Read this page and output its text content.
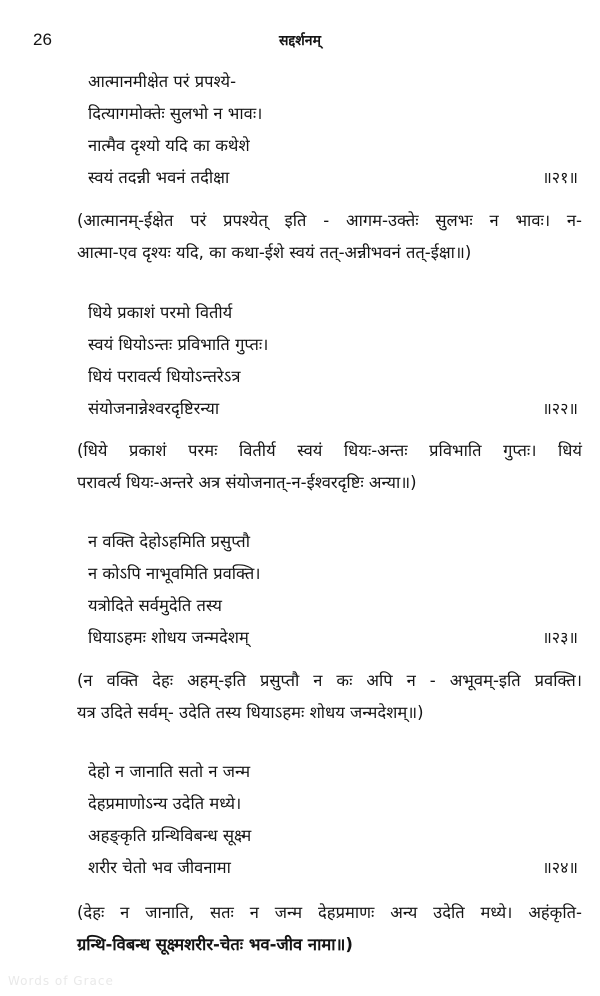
26	सद्दर्शनम्
आत्मानमीक्षेत परं प्रपश्ये-
दित्यागमोक्तेः सुलभो न भावः।
नात्मैव दृश्यो यदि का कथेशे
स्वयं तदन्नी भवनं तदीक्षा	॥२१॥
(आत्मानम्-ईक्षेत परं प्रपश्येत् इति - आगम-उक्तेः सुलभः न भावः। न-
आत्मा-एव दृश्यः यदि, का कथा-ईशे स्वयं तत्-अन्नीभवनं तत्-ईक्षा॥)
धिये प्रकाशं परमो वितीर्य
स्वयं धियोऽन्तः प्रविभाति गुप्तः।
धियं परावर्त्य धियोऽन्तरेऽत्र
संयोजनान्नेश्वरदृष्टिरन्या	॥२२॥
(धिये प्रकाशं परमः वितीर्य स्वयं धियः-अन्तः प्रविभाति गुप्तः। धियं
परावर्त्य धियः-अन्तरे अत्र संयोजनात्-न-ईश्वरदृष्टिः अन्या॥)
न वक्ति देहोऽहमिति प्रसुप्तौ
न कोऽपि नाभूवमिति प्रवक्ति।
यत्रोदिते सर्वमुदेति तस्य
धियाऽहमः शोधय जन्मदेशम्	॥२३॥
(न वक्ति देहः अहम्-इति प्रसुप्तौ न कः अपि न - अभूवम्-इति प्रवक्ति।
यत्र उदिते सर्वम्- उदेति तस्य धियाऽहमः शोधय जन्मदेशम्॥)
देहो न जानाति सतो न जन्म
देहप्रमाणोऽन्य उदेति मध्ये।
अहङ्कृति ग्रन्थिविबन्ध सूक्ष्म
शरीर चेतो भव जीवनामा	॥२४॥
(देहः न जानाति, सतः न जन्म देहप्रमाणः अन्य उदेति मध्ये। अहंकृति-
ग्रन्थि-विबन्ध सूक्ष्मशरीर-चेतः भव-जीव नामा॥)
Words of Grace
